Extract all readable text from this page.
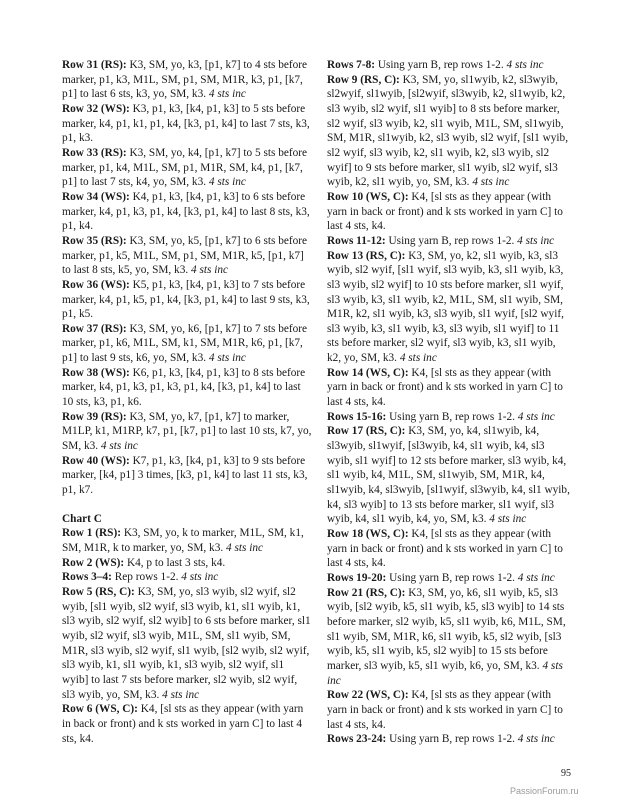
Row 31 (RS): K3, SM, yo, k3, [p1, k7] to 4 sts before marker, p1, k3, M1L, SM, p1, SM, M1R, k3, p1, [k7, p1] to last 6 sts, k3, yo, SM, k3. 4 sts inc

Row 32 (WS): K3, p1, k3, [k4, p1, k3] to 5 sts before marker, k4, p1, k1, p1, k4, [k3, p1, k4] to last 7 sts, k3, p1, k3.

Row 33 (RS): K3, SM, yo, k4, [p1, k7] to 5 sts before marker, p1, k4, M1L, SM, p1, M1R, SM, k4, p1, [k7, p1] to last 7 sts, k4, yo, SM, k3. 4 sts inc

Row 34 (WS): K4, p1, k3, [k4, p1, k3] to 6 sts before marker, k4, p1, k3, p1, k4, [k3, p1, k4] to last 8 sts, k3, p1, k4.

Row 35 (RS): K3, SM, yo, k5, [p1, k7] to 6 sts before marker, p1, k5, M1L, SM, p1, SM, M1R, k5, [p1, k7] to last 8 sts, k5, yo, SM, k3. 4 sts inc

Row 36 (WS): K5, p1, k3, [k4, p1, k3] to 7 sts before marker, k4, p1, k5, p1, k4, [k3, p1, k4] to last 9 sts, k3, p1, k5.

Row 37 (RS): K3, SM, yo, k6, [p1, k7] to 7 sts before marker, p1, k6, M1L, SM, k1, SM, M1R, k6, p1, [k7, p1] to last 9 sts, k6, yo, SM, k3. 4 sts inc

Row 38 (WS): K6, p1, k3, [k4, p1, k3] to 8 sts before marker, k4, p1, k3, p1, k3, p1, k4, [k3, p1, k4] to last 10 sts, k3, p1, k6.

Row 39 (RS): K3, SM, yo, k7, [p1, k7] to marker, M1LP, k1, M1RP, k7, p1, [k7, p1] to last 10 sts, k7, yo, SM, k3. 4 sts inc

Row 40 (WS): K7, p1, k3, [k4, p1, k3] to 9 sts before marker, [k4, p1] 3 times, [k3, p1, k4] to last 11 sts, k3, p1, k7.

Chart C

Row 1 (RS): K3, SM, yo, k to marker, M1L, SM, k1, SM, M1R, k to marker, yo, SM, k3. 4 sts inc

Row 2 (WS): K4, p to last 3 sts, k4.

Rows 3–4: Rep rows 1-2. 4 sts inc

Row 5 (RS, C): K3, SM, yo, sl3 wyib, sl2 wyif, sl2 wyib, [sl1 wyib, sl2 wyif, sl3 wyib, k1, sl1 wyib, k1, sl3 wyib, sl2 wyif, sl2 wyib] to 6 sts before marker, sl1 wyib, sl2 wyif, sl3 wyib, M1L, SM, sl1 wyib, SM, M1R, sl3 wyib, sl2 wyif, sl1 wyib, [sl2 wyib, sl2 wyif, sl3 wyib, k1, sl1 wyib, k1, sl3 wyib, sl2 wyif, sl1 wyib] to last 7 sts before marker, sl2 wyib, sl2 wyif, sl3 wyib, yo, SM, k3. 4 sts inc

Row 6 (WS, C): K4, [sl sts as they appear (with yarn in back or front) and k sts worked in yarn C] to last 4 sts, k4.

Rows 7-8: Using yarn B, rep rows 1-2. 4 sts inc

Row 9 (RS, C): K3, SM, yo, sl1wyib, k2, sl3wyib, sl2wyif, sl1wyib, [sl2wyif, sl3wyib, k2, sl1wyib, k2, sl3 wyib, sl2 wyif, sl1 wyib] to 8 sts before marker, sl2 wyif, sl3 wyib, k2, sl1 wyib, M1L, SM, sl1wyib, SM, M1R, sl1wyib, k2, sl3 wyib, sl2 wyif, [sl1 wyib, sl2 wyif, sl3 wyib, k2, sl1 wyib, k2, sl3 wyib, sl2 wyif] to 9 sts before marker, sl1 wyib, sl2 wyif, sl3 wyib, k2, sl1 wyib, yo, SM, k3. 4 sts inc

Row 10 (WS, C): K4, [sl sts as they appear (with yarn in back or front) and k sts worked in yarn C] to last 4 sts, k4.

Rows 11-12: Using yarn B, rep rows 1-2. 4 sts inc

Row 13 (RS, C): K3, SM, yo, k2, sl1 wyib, k3, sl3 wyib, sl2 wyif, [sl1 wyif, sl3 wyib, k3, sl1 wyib, k3, sl3 wyib, sl2 wyif] to 10 sts before marker, sl1 wyif, sl3 wyib, k3, sl1 wyib, k2, M1L, SM, sl1 wyib, SM, M1R, k2, sl1 wyib, k3, sl3 wyib, sl1 wyif, [sl2 wyif, sl3 wyib, k3, sl1 wyib, k3, sl3 wyib, sl1 wyif] to 11 sts before marker, sl2 wyif, sl3 wyib, k3, sl1 wyib, k2, yo, SM, k3. 4 sts inc

Row 14 (WS, C): K4, [sl sts as they appear (with yarn in back or front) and k sts worked in yarn C] to last 4 sts, k4.

Rows 15-16: Using yarn B, rep rows 1-2. 4 sts inc

Row 17 (RS, C): K3, SM, yo, k4, sl1wyib, k4, sl3wyib, sl1wyif, [sl3wyib, k4, sl1 wyib, k4, sl3 wyib, sl1 wyif] to 12 sts before marker, sl3 wyib, k4, sl1 wyib, k4, M1L, SM, sl1wyib, SM, M1R, k4, sl1wyib, k4, sl3wyib, [sl1wyif, sl3wyib, k4, sl1 wyib, k4, sl3 wyib] to 13 sts before marker, sl1 wyif, sl3 wyib, k4, sl1 wyib, k4, yo, SM, k3. 4 sts inc

Row 18 (WS, C): K4, [sl sts as they appear (with yarn in back or front) and k sts worked in yarn C] to last 4 sts, k4.

Rows 19-20: Using yarn B, rep rows 1-2. 4 sts inc

Row 21 (RS, C): K3, SM, yo, k6, sl1 wyib, k5, sl3 wyib, [sl2 wyib, k5, sl1 wyib, k5, sl3 wyib] to 14 sts before marker, sl2 wyib, k5, sl1 wyib, k6, M1L, SM, sl1 wyib, SM, M1R, k6, sl1 wyib, k5, sl2 wyib, [sl3 wyib, k5, sl1 wyib, k5, sl2 wyib] to 15 sts before marker, sl3 wyib, k5, sl1 wyib, k6, yo, SM, k3. 4 sts inc

Row 22 (WS, C): K4, [sl sts as they appear (with yarn in back or front) and k sts worked in yarn C] to last 4 sts, k4.

Rows 23-24: Using yarn B, rep rows 1-2. 4 sts inc

95
PassionForum.ru
